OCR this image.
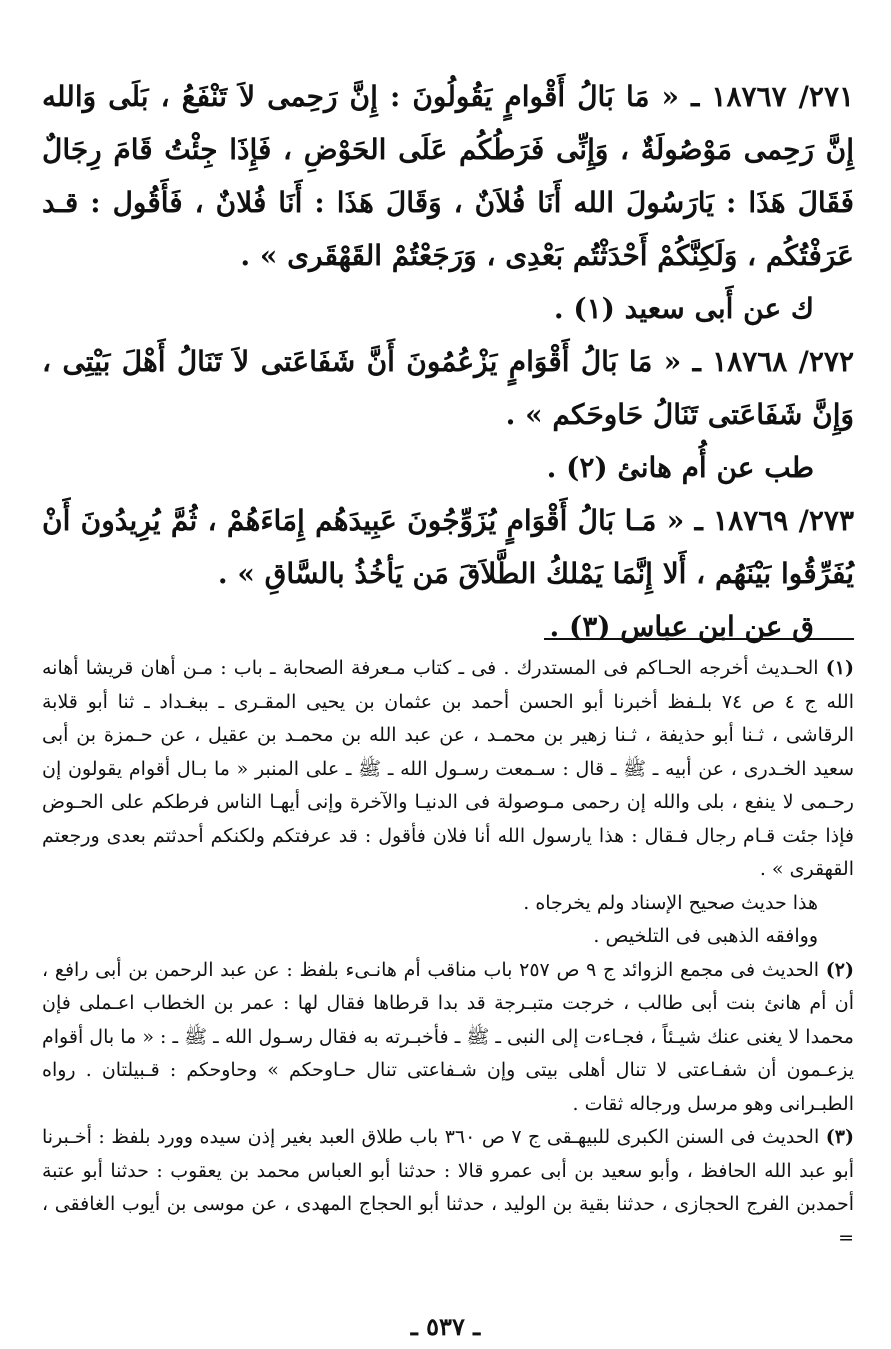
٢٧١/ ١٨٧٦٧ ـ « مَا بَالُ أَقْوامٍ يَقُولُونَ : إِنَّ رَحِمى لاَ تَنْفَعُ ، بَلَى وَالله إِنَّ رَحِمى مَوْصُولَةٌ ، وَإِنِّى فَرَطُكُم عَلَى الحَوْضِ ، فَإِذَا جِئْتُ قَامَ رِجَالٌ فَقَالَ هَذَا : يَارَسُولَ الله أَنَا فُلاَنٌ ، وَقَالَ هَذَا : أَنَا فُلانٌ ، فَأَقُول : قـد عَرَفْتُكُم ، وَلَكِنَّكُمْ أَحْدَثْتُم بَعْدِى ، وَرَجَعْتُمْ القَهْقَرى » .

ك عن أَبى سعيد (١) .

٢٧٢/ ١٨٧٦٨ ـ « مَا بَالُ أَقْوَامٍ يَزْعُمُونَ أَنَّ شَفَاعَتى لاَ تَنَالُ أَهْلَ بَيْتِى ، وَإِنَّ شَفَاعَتى تَنَالُ حَاوحَكم » .

طب عن أُم هانئ (٢) .

٢٧٣/ ١٨٧٦٩ ـ « مَـا بَالُ أَقْوَامٍ يُزَوِّجُونَ عَبِيدَهُم إِمَاءَهُمْ ، ثُمَّ يُرِيدُونَ أَنْ يُفَرِّقُوا بَيْنَهُم ، أَلا إِنَّمَا يَمْلكُ الطَّلاَقَ مَن يَأخُذُ بالسَّاقِ » .

ق عن ابن عباس (٣) .

(١) الحـديث أخرجه الحـاكم فى المستدرك . فى ـ كتاب مـعرفة الصحابة ـ باب : مـن أهان قريشا أهانه الله ج ٤ ص ٧٤ بلـفظ أخبرنا أبو الحسن أحمد بن عثمان بن يحيى المقـرى ـ ببغـداد ـ ثنا أبو قلابة الرقاشى ، ثـنا أبو حذيفة ، ثـنا زهير بن محمـد ، عن عبد الله بن محمـد بن عقيل ، عن حـمزة بن أبى سعيد الخـدرى ، عن أبيه ـ ﷺ ـ قال : سـمعت رسـول الله ـ ﷺ ـ على المنبر « ما بـال أقوام يقولون إن رحـمى لا ينفع ، بلى والله إن رحمى مـوصولة فى الدنيـا والآخرة وإنى أيهـا الناس فرطكم على الحـوض فإذا جئت قـام رجال فـقال : هذا يارسول الله أنا فلان فأقول : قد عرفتكم ولكنكم أحدثتم بعدى ورجعتم القهقرى » .

هذا حديث صحيح الإسناد ولم يخرجاه .

ووافقه الذهبى فى التلخيص .

(٢) الحديث فى مجمع الزوائد ج ٩ ص ٢٥٧ باب مناقب أم هانـىء بلفظ : عن عبد الرحمن بن أبى رافع ، أن أم هانئ بنت أبى طالب ، خرجت متبـرجة قد بدا قرطاها فقال لها : عمر بن الخطاب اعـملى فإن محمدا لا يغنى عنك شيـئاً ، فجـاءت إلى النبى ـ ﷺ ـ فأخبـرته به فقال رسـول الله ـ ﷺ ـ : « ما بال أقوام يزعـمون أن شفـاعتى لا تنال أهلى بيتى وإن شـفاعتى تنال حـاوحكم » وحاوحكم : قـبيلتان . رواه الطبـرانى وهو مرسل ورجاله ثقات .

(٣) الحديث فى السنن الكبرى للبيهـقى ج ٧ ص ٣٦٠ باب طلاق العبد بغير إذن سيده وورد بلفظ : أخـبرنا أبو عبد الله الحافظ ، وأبو سعيد بن أبى عمرو قالا : حدثنا أبو العباس محمد بن يعقوب : حدثنا أبو عتبة أحمدبن الفرج الحجازى ، حدثنا بقية بن الوليد ، حدثنا أبو الحجاج المهدى ، عن موسى بن أيوب الغافقى ، =

ـ ٥٣٧ ـ
